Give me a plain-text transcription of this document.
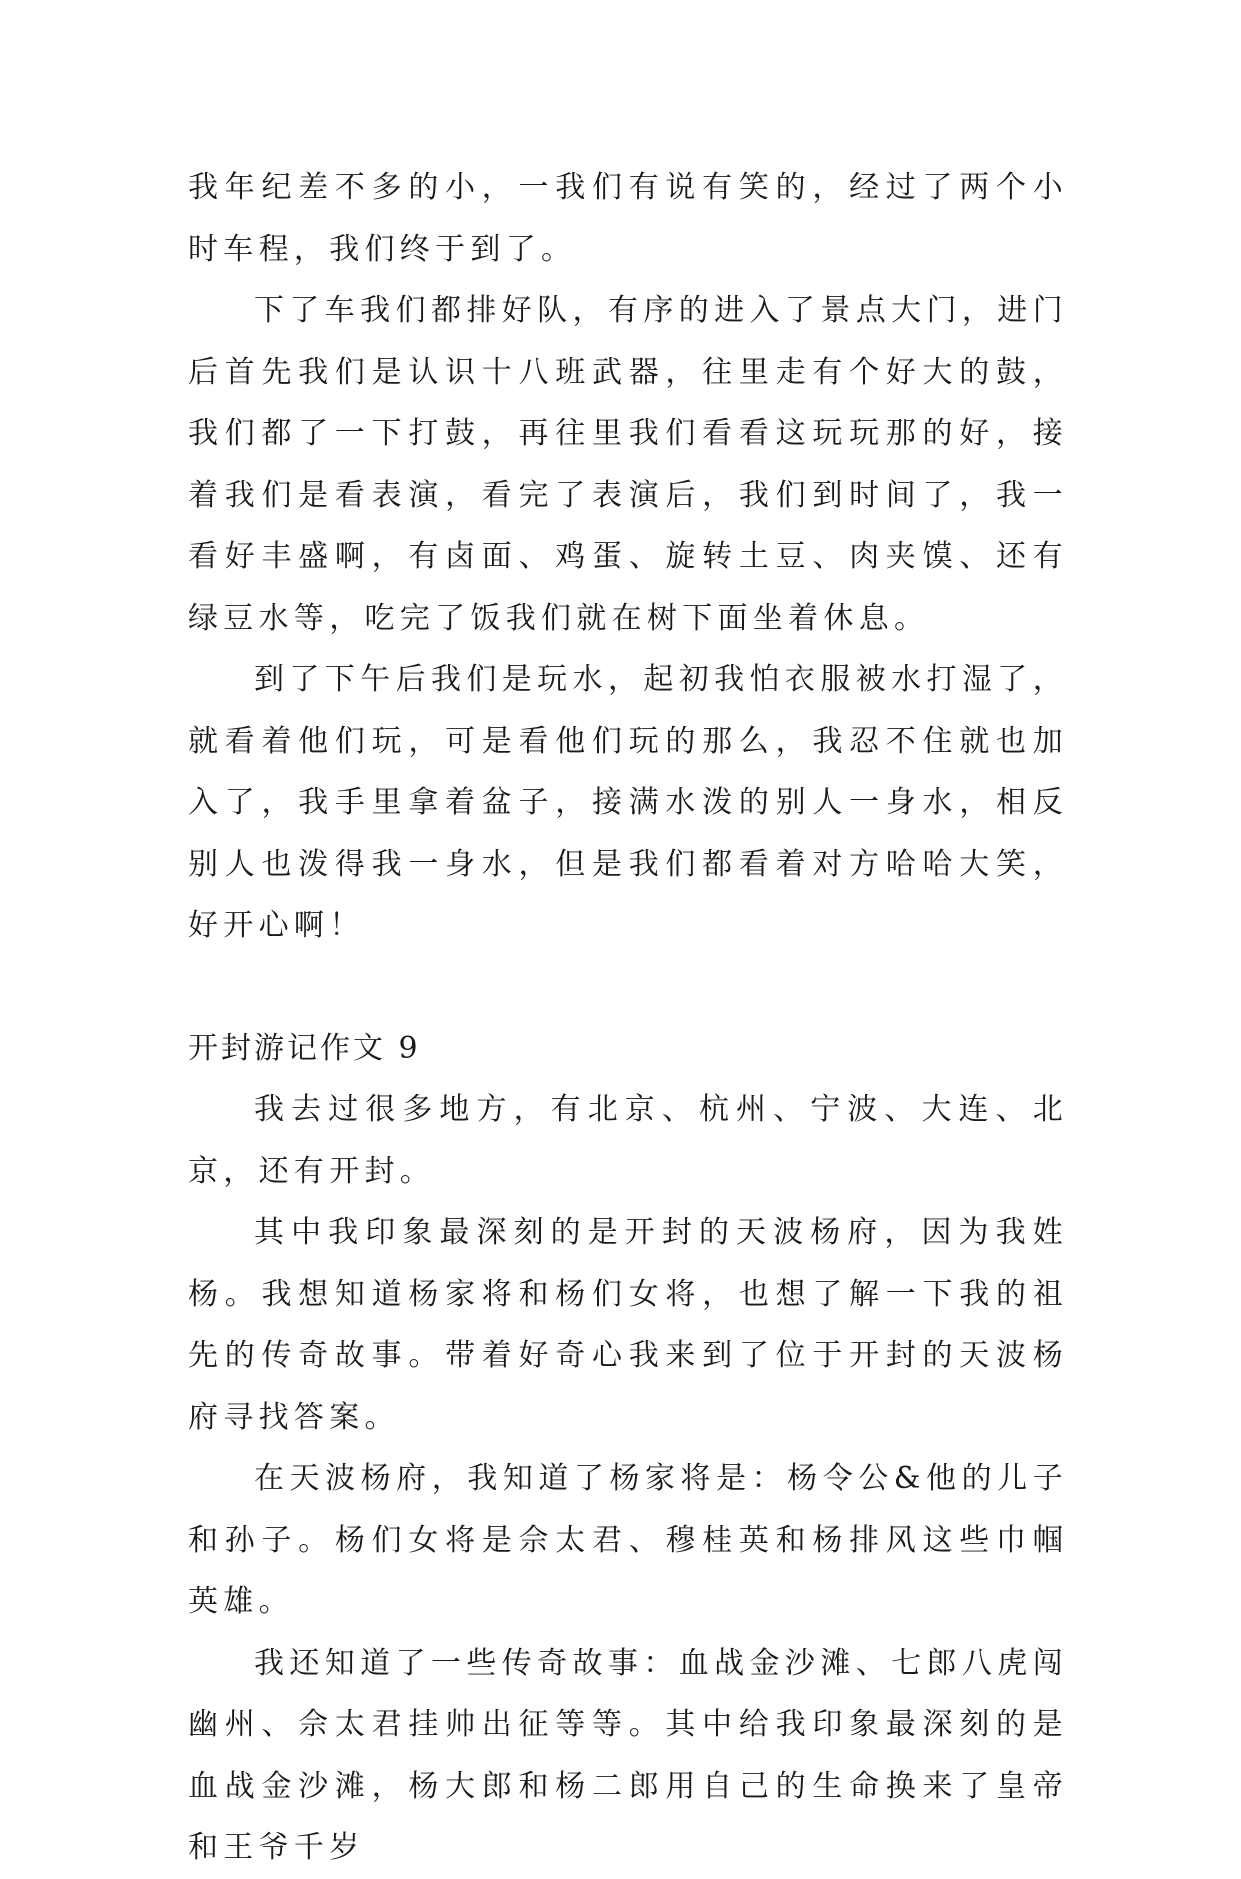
我年纪差不多的小，一我们有说有笑的，经过了两个小时车程，我们终于到了。

下了车我们都排好队，有序的进入了景点大门，进门后首先我们是认识十八班武器，往里走有个好大的鼓，我们都了一下打鼓，再往里我们看看这玩玩那的好，接着我们是看表演，看完了表演后，我们到时间了，我一看好丰盛啊，有卤面、鸡蛋、旋转土豆、肉夹馍、还有绿豆水等，吃完了饭我们就在树下面坐着休息。

到了下午后我们是玩水，起初我怕衣服被水打湿了，就看着他们玩，可是看他们玩的那么，我忍不住就也加入了，我手里拿着盆子，接满水泼的别人一身水，相反别人也泼得我一身水，但是我们都看着对方哈哈大笑，好开心啊！

开封游记作文 9

我去过很多地方，有北京、杭州、宁波、大连、北京，还有开封。

其中我印象最深刻的是开封的天波杨府，因为我姓杨。我想知道杨家将和杨们女将，也想了解一下我的祖先的传奇故事。带着好奇心我来到了位于开封的天波杨府寻找答案。

在天波杨府，我知道了杨家将是：杨令公&他的儿子和孙子。杨们女将是佘太君、穆桂英和杨排风这些巾帼英雄。

我还知道了一些传奇故事：血战金沙滩、七郎八虎闯幽州、佘太君挂帅出征等等。其中给我印象最深刻的是血战金沙滩，杨大郎和杨二郎用自己的生命换来了皇帝和王爷千岁
